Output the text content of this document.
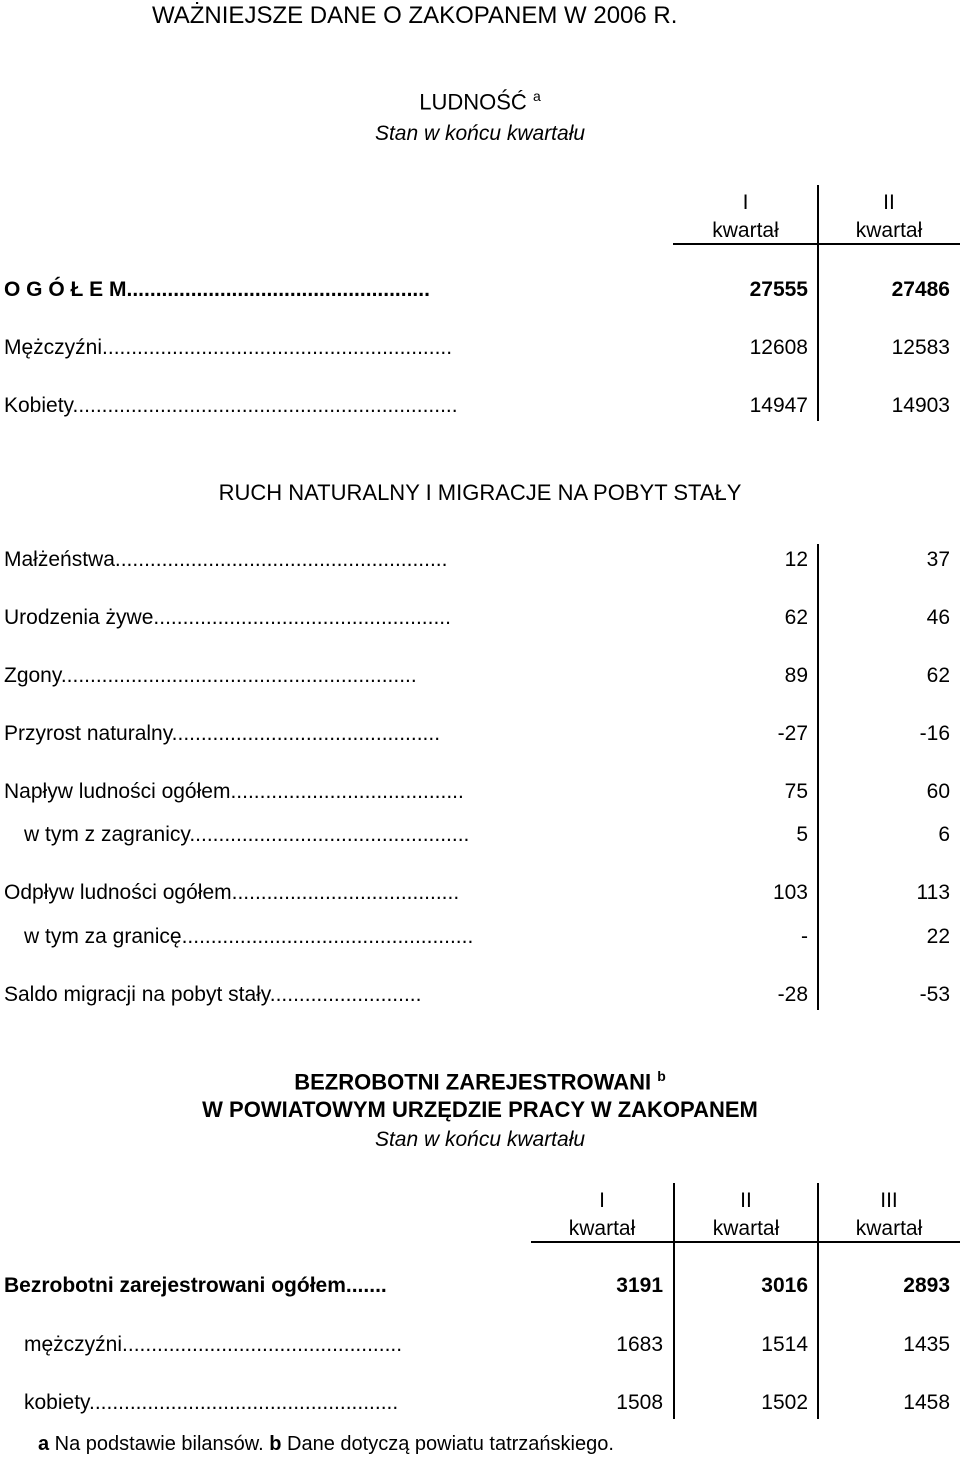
WAŻNIEJSZE DANE O ZAKOPANEM W 2006 R.
LUDNOŚĆ $^a$
Stan w końcu kwartału
I
kwartał
II
kwartał
O G Ó Ł E M....................................................	27555	27486
Mężczyźni............................................................	12608	12583
Kobiety..................................................................	14947	14903
RUCH NATURALNY I MIGRACJE NA POBYT STAŁY
Małżeństwa.........................................................	12	37
Urodzenia żywe...................................................	62	46
Zgony.............................................................	89	62
Przyrost naturalny..............................................	-27	-16
Napływ ludności ogółem........................................	75	60
w tym z zagranicy................................................	5	6
Odpływ ludności ogółem.......................................	103	113
w tym za granicę..................................................	-	22
Saldo migracji na pobyt stały..........................	-28	-53
BEZROBOTNI ZAREJESTROWANI $^b$
W POWIATOWYM URZĘDZIE PRACY W ZAKOPANEM
Stan w końcu kwartału
I
kwartał
II
kwartał
III
kwartał
Bezrobotni zarejestrowani ogółem.......	3191	3016	2893
mężczyźni................................................	1683	1514	1435
kobiety.....................................................	1508	1502	1458
a Na podstawie bilansów. b Dane dotyczą powiatu tatrzańskiego.
